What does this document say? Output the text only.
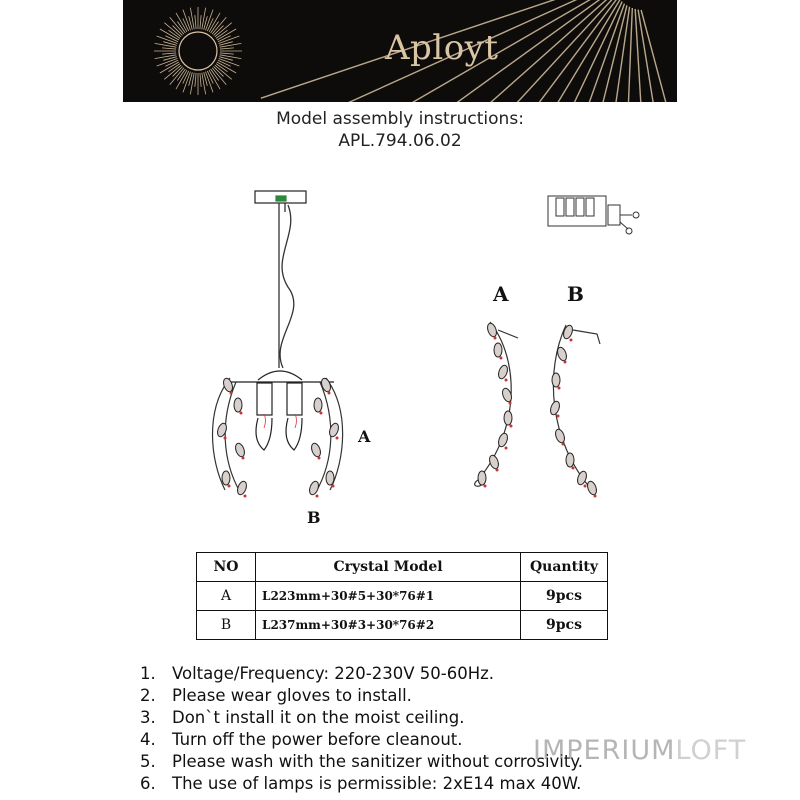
Aployt
Model assembly instructions:
APL.794.06.02
A
B
A	B
NO	Crystal Model	Quantity
A	L223mm+30#5+30*76#1	9pcs
B	L237mm+30#3+30*76#2	9pcs
1. Voltage/Frequency: 220-230V 50-60Hz.
2. Please wear gloves to install.
3. Don`t install it on the moist ceiling.
4. Turn off the power before cleanout.
5. Please wash with the sanitizer without corrosivity.
6. The use of lamps is permissible: 2xE14 max 40W.
IMPERIUMLOFT
